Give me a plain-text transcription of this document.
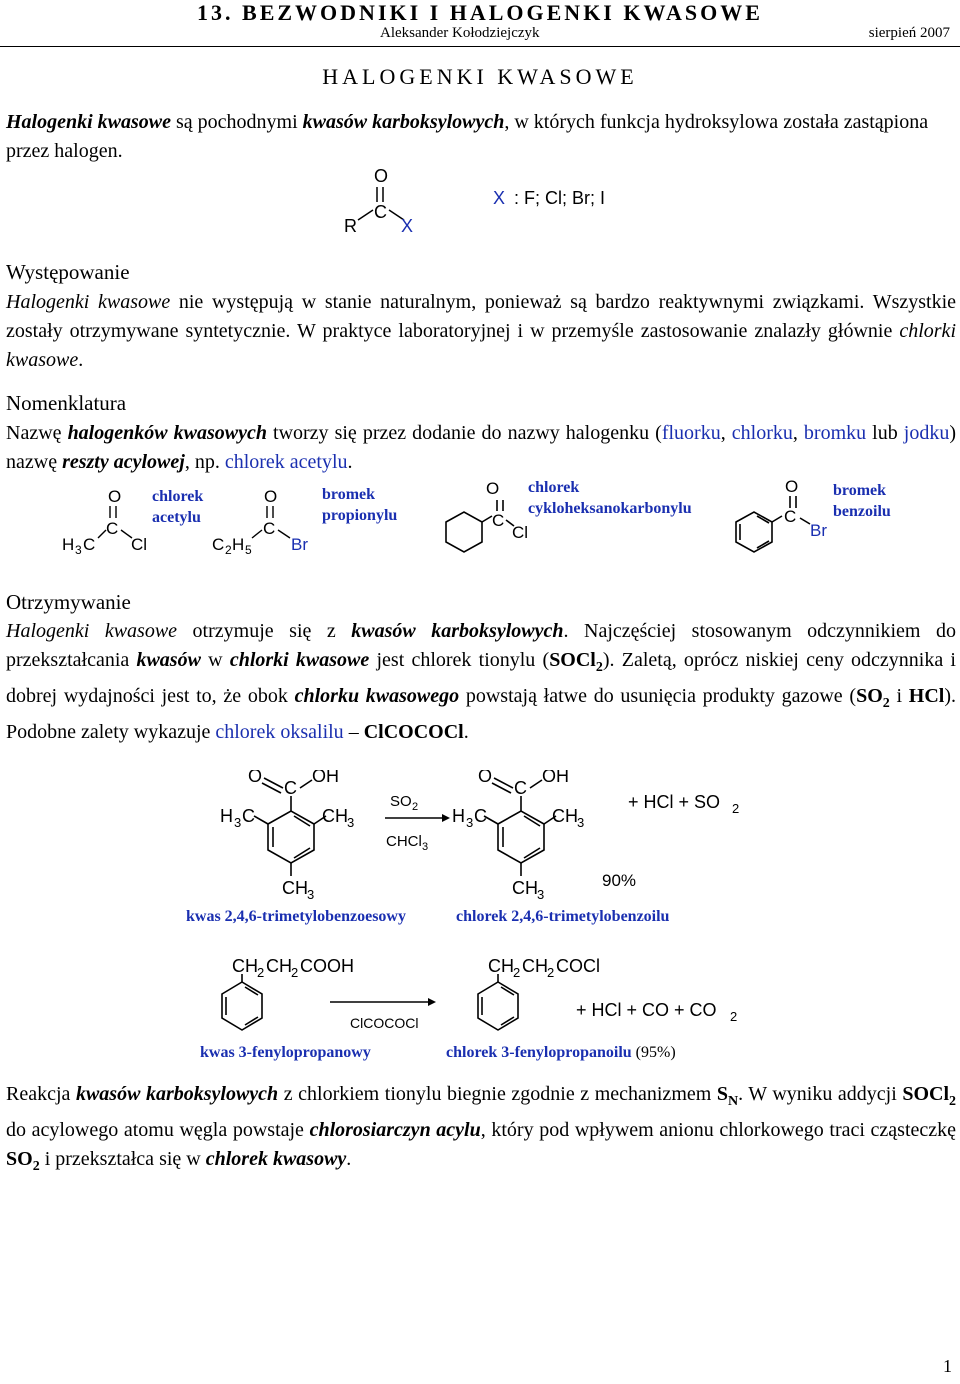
13. BEZWODNIKI I HALOGENKI KWASOWE
Aleksander Kołodziejczyk	sierpień 2007
HALOGENKI KWASOWE
Halogenki kwasowe są pochodnymi kwasów karboksylowych, w których funkcja hydroksylowa została zastąpiona przez halogen.
O
C
R X
X : F; Cl; Br; I
Występowanie
Halogenki kwasowe nie występują w stanie naturalnym, ponieważ są bardzo reaktywnymi związkami. Wszystkie zostały otrzymywane syntetycznie. W praktyce laboratoryjnej i w przemyśle zastosowanie znalazły głównie chlorki kwasowe.
Nomenklatura
Nazwę halogenków kwasowych tworzy się przez dodanie do nazwy halogenku (fluorku, chlorku, bromku lub jodku) nazwę reszty acylowej, np. chlorek acetylu.
O
C
H 3 C Cl
O
C
C 2 H 5 Br
O
C
Cl
O
C
Br
chlorek
acetylu
bromek
propionylu
chlorek
cykloheksanokarbonylu
bromek
benzoilu
Otrzymywanie
Halogenki kwasowe otrzymuje się z kwasów karboksylowych. Najczęściej stosowanym odczynnikiem do przekształcania kwasów w chlorki kwasowe jest chlorek tionylu (SOCl$_2$). Zaletą, oprócz niskiej ceny odczynnika i dobrej wydajności jest to, że obok chlorku kwasowego powstają łatwe do usunięcia produkty gazowe ($SO_2$ i HCl). Podobne zalety wykazuje chlorek oksalilu – ClCOCOCl.
O
C
OH
H 3 C	CH 3
CH 3
SO 2
CHCl 3
O
C
OH
H 3 C	CH 3
CH 3
+ HCl + SO 2
90%
kwas 2,4,6-trimetylobenzoesowy	chlorek 2,4,6-trimetylobenzoilu
CH 2 CH 2 COOH
ClCOCOCl
CH 2 CH 2 COCl
+ HCl + CO + CO 2
kwas 3-fenylopropanowy	chlorek 3-fenylopropanoilu (95%)
Reakcja kwasów karboksylowych z chlorkiem tionylu biegnie zgodnie z mechanizmem $S_N$. W wyniku addycji SOCl$_2$ do acylowego atomu węgla powstaje chlorosiarczyn acylu, który pod wpływem anionu chlorkowego traci cząsteczkę $SO_2$ i przekształca się w chlorek kwasowy.
1
